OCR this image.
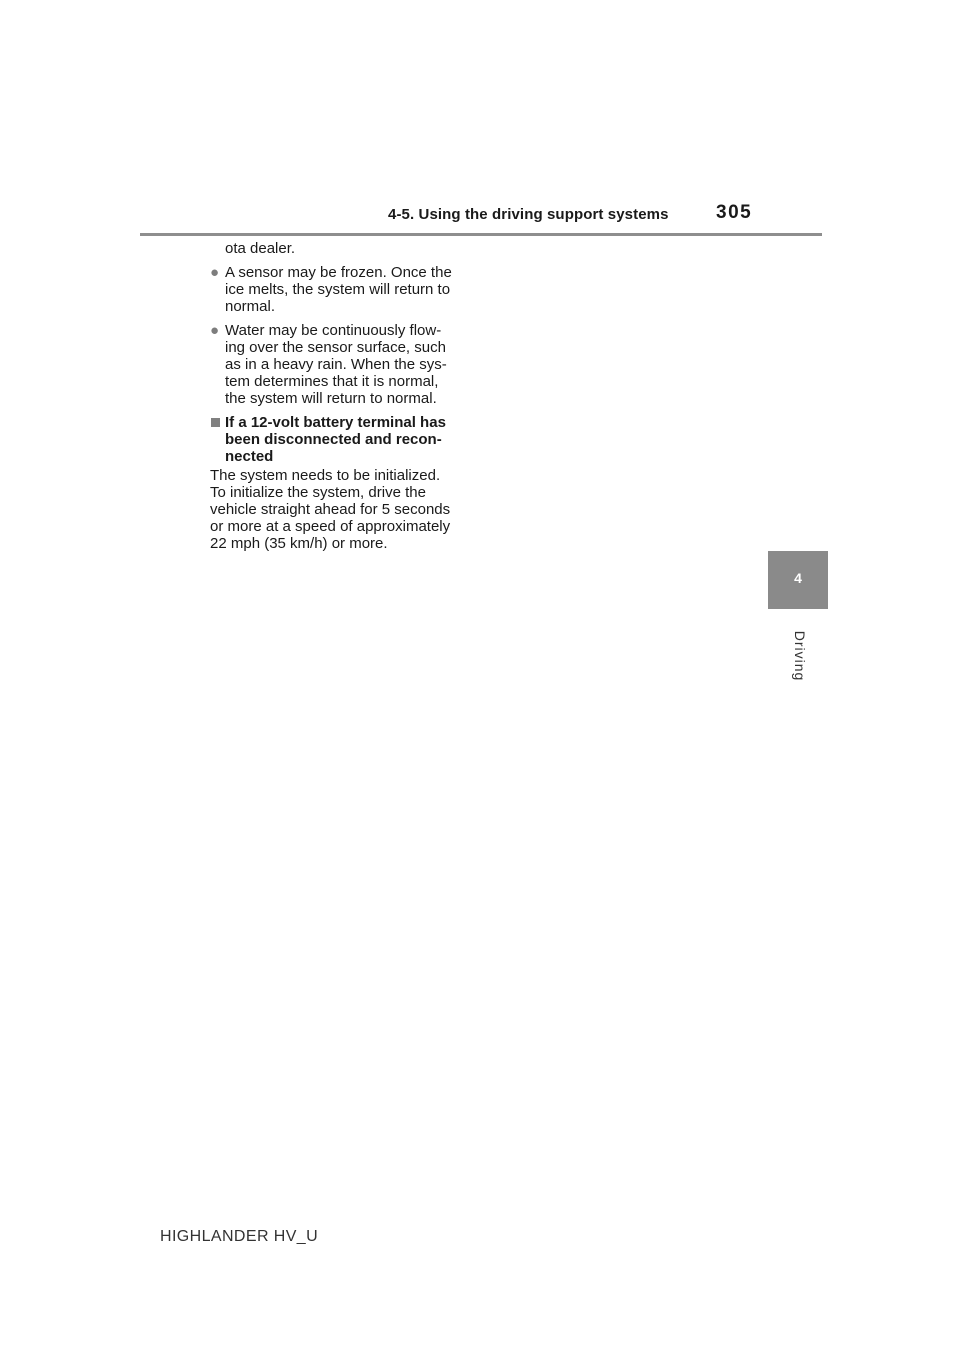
4-5. Using the driving support systems 305
ota dealer.
● A sensor may be frozen. Once the
ice melts, the system will return to
normal.
● Water may be continuously flow-
ing over the sensor surface, such
as in a heavy rain. When the sys-
tem determines that it is normal,
the system will return to normal.
If a 12-volt battery terminal has
been disconnected and recon-
nected
The system needs to be initialized.
To initialize the system, drive the
vehicle straight ahead for 5 seconds
or more at a speed of approximately
22 mph (35 km/h) or more.
4
Driving
HIGHLANDER HV_U
